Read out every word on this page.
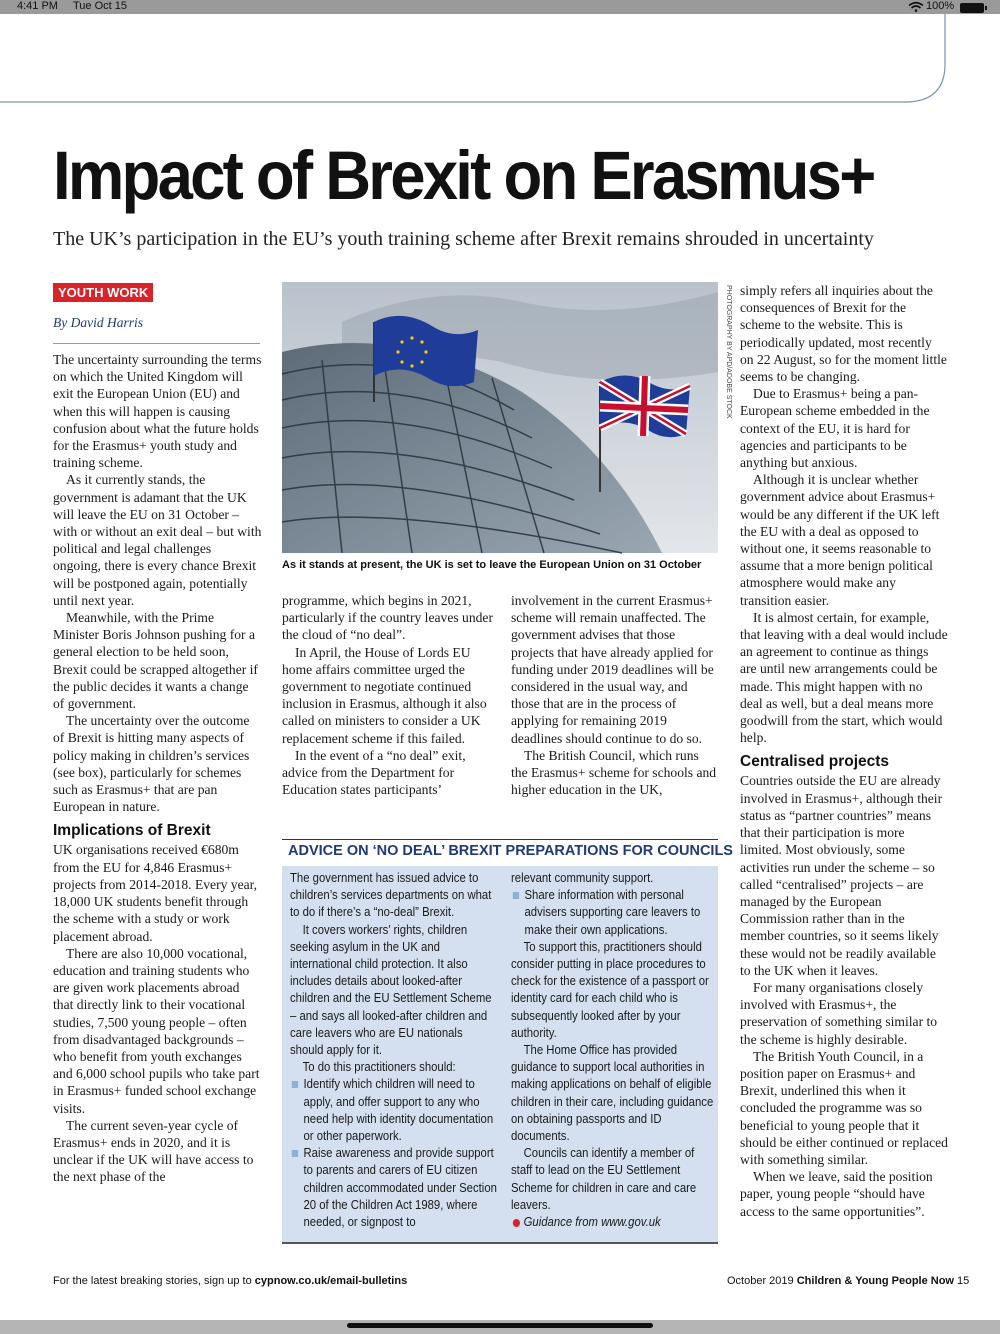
4:41 PM Tue Oct 15	100%
Impact of Brexit on Erasmus+

The UK’s participation in the EU’s youth training scheme after Brexit remains shrouded in uncertainty

YOUTH WORK
By David Harris

The uncertainty surrounding the terms on which the United Kingdom will exit the European Union (EU) and when this will happen is causing confusion about what the future holds for the Erasmus+ youth study and training scheme.

As it currently stands, the government is adamant that the UK will leave the EU on 31 October – with or without an exit deal – but with political and legal challenges ongoing, there is every chance Brexit will be postponed again, potentially until next year.

Meanwhile, with the Prime Minister Boris Johnson pushing for a general election to be held soon, Brexit could be scrapped altogether if the public decides it wants a change of government.

The uncertainty over the outcome of Brexit is hitting many aspects of policy making in children’s services (see box), particularly for schemes such as Erasmus+ that are pan European in nature.

Implications of Brexit

UK organisations received €680m from the EU for 4,846 Erasmus+ projects from 2014-2018. Every year, 18,000 UK students benefit through the scheme with a study or work placement abroad.

There are also 10,000 vocational, education and training students who are given work placements abroad that directly link to their vocational studies, 7,500 young people – often from disadvantaged backgrounds – who benefit from youth exchanges and 6,000 school pupils who take part in Erasmus+ funded school exchange visits.

The current seven-year cycle of Erasmus+ ends in 2020, and it is unclear if the UK will have access to the next phase of the

PHOTOGRAPHY BY APD/ADOBE STOCK
As it stands at present, the UK is set to leave the European Union on 31 October

programme, which begins in 2021, particularly if the country leaves under the cloud of “no deal”.

In April, the House of Lords EU home affairs committee urged the government to negotiate continued inclusion in Erasmus, although it also called on ministers to consider a UK replacement scheme if this failed.

In the event of a “no deal” exit, advice from the Department for Education states participants’

involvement in the current Erasmus+ scheme will remain unaffected. The government advises that those projects that have already applied for funding under 2019 deadlines will be considered in the usual way, and those that are in the process of applying for remaining 2019 deadlines should continue to do so.

The British Council, which runs the Erasmus+ scheme for schools and higher education in the UK,

simply refers all inquiries about the consequences of Brexit for the scheme to the website. This is periodically updated, most recently on 22 August, so for the moment little seems to be changing.

Due to Erasmus+ being a pan-European scheme embedded in the context of the EU, it is hard for agencies and participants to be anything but anxious.

Although it is unclear whether government advice about Erasmus+ would be any different if the UK left the EU with a deal as opposed to without one, it seems reasonable to assume that a more benign political atmosphere would make any transition easier.

It is almost certain, for example, that leaving with a deal would include an agreement to continue as things are until new arrangements could be made. This might happen with no deal as well, but a deal means more goodwill from the start, which would help.

Centralised projects

Countries outside the EU are already involved in Erasmus+, although their status as “partner countries” means that their participation is more limited. Most obviously, some activities run under the scheme – so called “centralised” projects – are managed by the European Commission rather than in the member countries, so it seems likely these would not be readily available to the UK when it leaves.

For many organisations closely involved with Erasmus+, the preservation of something similar to the scheme is highly desirable.

The British Youth Council, in a position paper on Erasmus+ and Brexit, underlined this when it concluded the programme was so beneficial to young people that it should be either continued or replaced with something similar.

When we leave, said the position paper, young people “should have access to the same opportunities”.

ADVICE ON ‘NO DEAL’ BREXIT PREPARATIONS FOR COUNCILS

The government has issued advice to children’s services departments on what to do if there’s a “no-deal” Brexit.

It covers workers’ rights, children seeking asylum in the UK and international child protection. It also includes details about looked-after children and the EU Settlement Scheme – and says all looked-after children and care leavers who are EU nationals should apply for it.

To do this practitioners should:

Identify which children will need to apply, and offer support to any who need help with identity documentation or other paperwork.

Raise awareness and provide support to parents and carers of EU citizen children accommodated under Section 20 of the Children Act 1989, where needed, or signpost to

relevant community support.

Share information with personal advisers supporting care leavers to make their own applications.

To support this, practitioners should consider putting in place procedures to check for the existence of a passport or identity card for each child who is subsequently looked after by your authority.

The Home Office has provided guidance to support local authorities in making applications on behalf of eligible children in their care, including guidance on obtaining passports and ID documents.

Councils can identify a member of staff to lead on the EU Settlement Scheme for children in care and care leavers.

Guidance from www.gov.uk

For the latest breaking stories, sign up to cypnow.co.uk/email-bulletins	October 2019 Children & Young People Now 15
